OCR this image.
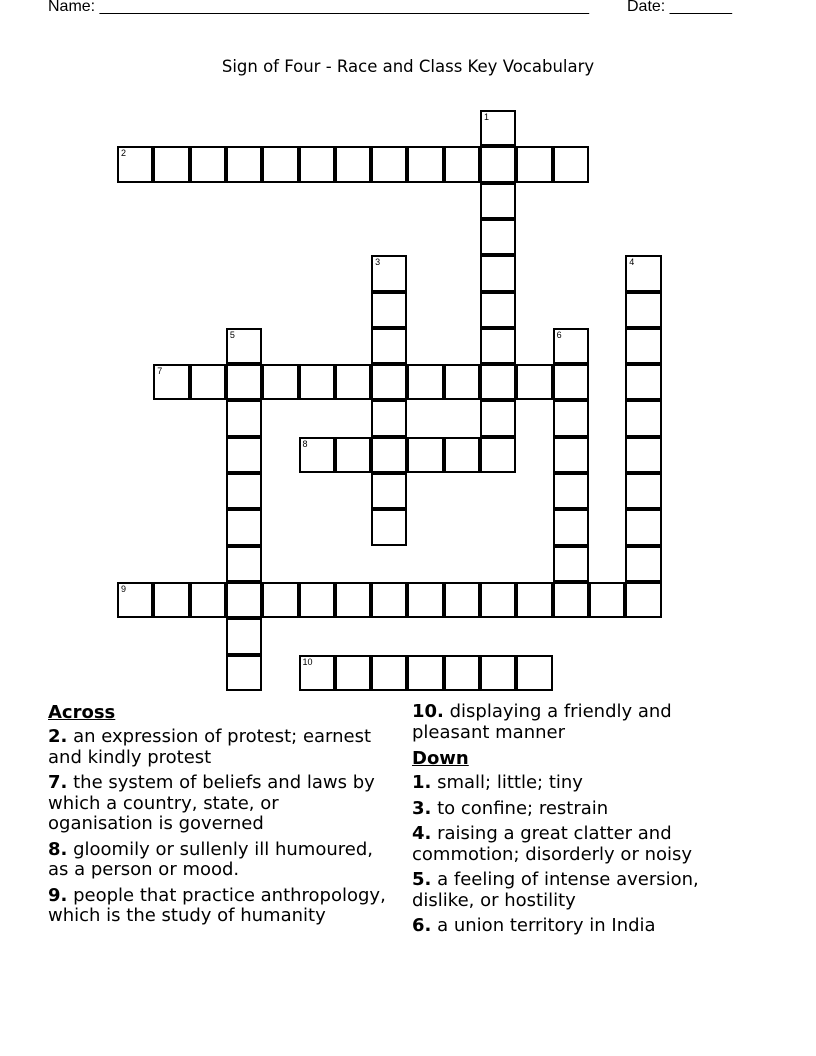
Name: _______________________________________________________ Date: _______
Sign of Four - Race and Class Key Vocabulary
1
2
3	4
5	6
7
8
9
10
Across
2. an expression of protest; earnest and kindly protest
7. the system of beliefs and laws by which a country, state, or oganisation is governed
8. gloomily or sullenly ill humoured, as a person or mood.
9. people that practice anthropology, which is the study of humanity
10. displaying a friendly and pleasant manner
Down
1. small; little; tiny
3. to confine; restrain
4. raising a great clatter and commotion; disorderly or noisy
5. a feeling of intense aversion, dislike, or hostility
6. a union territory in India
